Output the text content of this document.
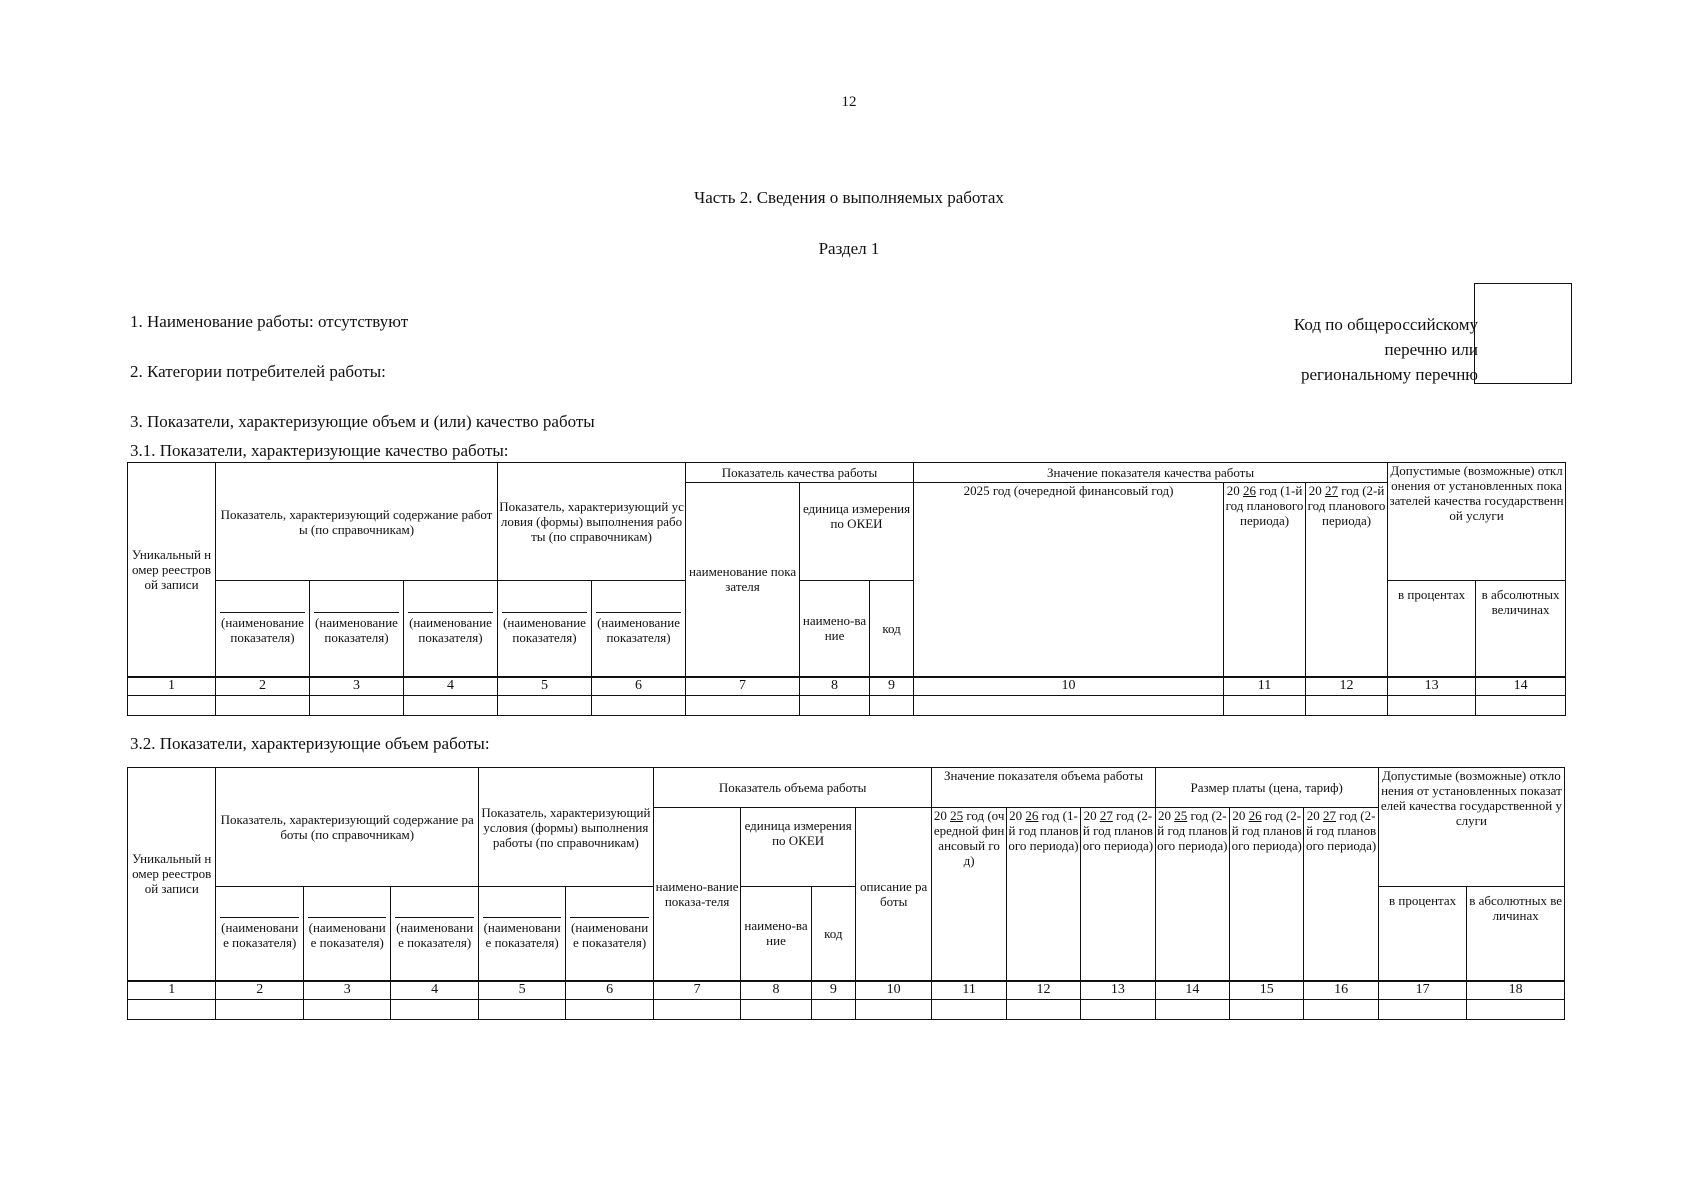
12
Часть 2. Сведения о выполняемых работах
Раздел 1
1. Наименование работы: отсутствуют
2. Категории потребителей работы:
Код по общероссийскому
перечню или
региональному перечню
3. Показатели, характеризующие объем и (или) качество работы
3.1. Показатели, характеризующие качество работы:
Уникальный номер реестровой записи	Показатель, характеризующий содержание работы (по справочникам)			Показатель, характеризующий условия (формы) выполнения работы (по справочникам)		Показатель качества работы			Значение показателя качества работы			Допустимые (возможные) отклонения от установленных показателей качества государственной услуги	
						наименование показателя	единица измерения по ОКЕИ		2025 год (очередной финансовый год)	20 26 год (1-й год планового периода)	20 27 год (2-й год планового периода)		

	(наименование показателя)	(наименование показателя)	(наименование показателя)	(наименование показателя)	(наименование показателя)		наимено-вание	код				в процентах	в абсолютных величинах
1	2	3	4	5	6	7	8	9	10	11	12	13	14

3.2. Показатели, характеризующие объем работы:
Уникальный номер реестровой записи	Показатель, характеризующий содержание работы (по справочникам)			Показатель, характеризующий условия (формы) выполнения работы (по справочникам)		Показатель объема работы				Значение показателя объема работы			Размер платы (цена, тариф)			Допустимые (возможные) отклонения от установленных показателей качества государственной услуги	
						наимено-вание показа-теля	единица измерения по ОКЕИ		описание работы	20 25 год (очередной финансовый год)	20 26 год (1-й год планового периода)	20 27 год (2-й год планового периода)	20 25 год (2-й год планового периода)	20 26 год (2-й год планового периода)	20 27 год (2-й год планового периода)		

	(наименование показателя)	(наименование показателя)	(наименование показателя)	(наименование показателя)	(наименование показателя)		наимено-вание	код								в процентах	в абсолютных величинах
1	2	3	4	5	6	7	8	9	10	11	12	13	14	15	16	17	18
